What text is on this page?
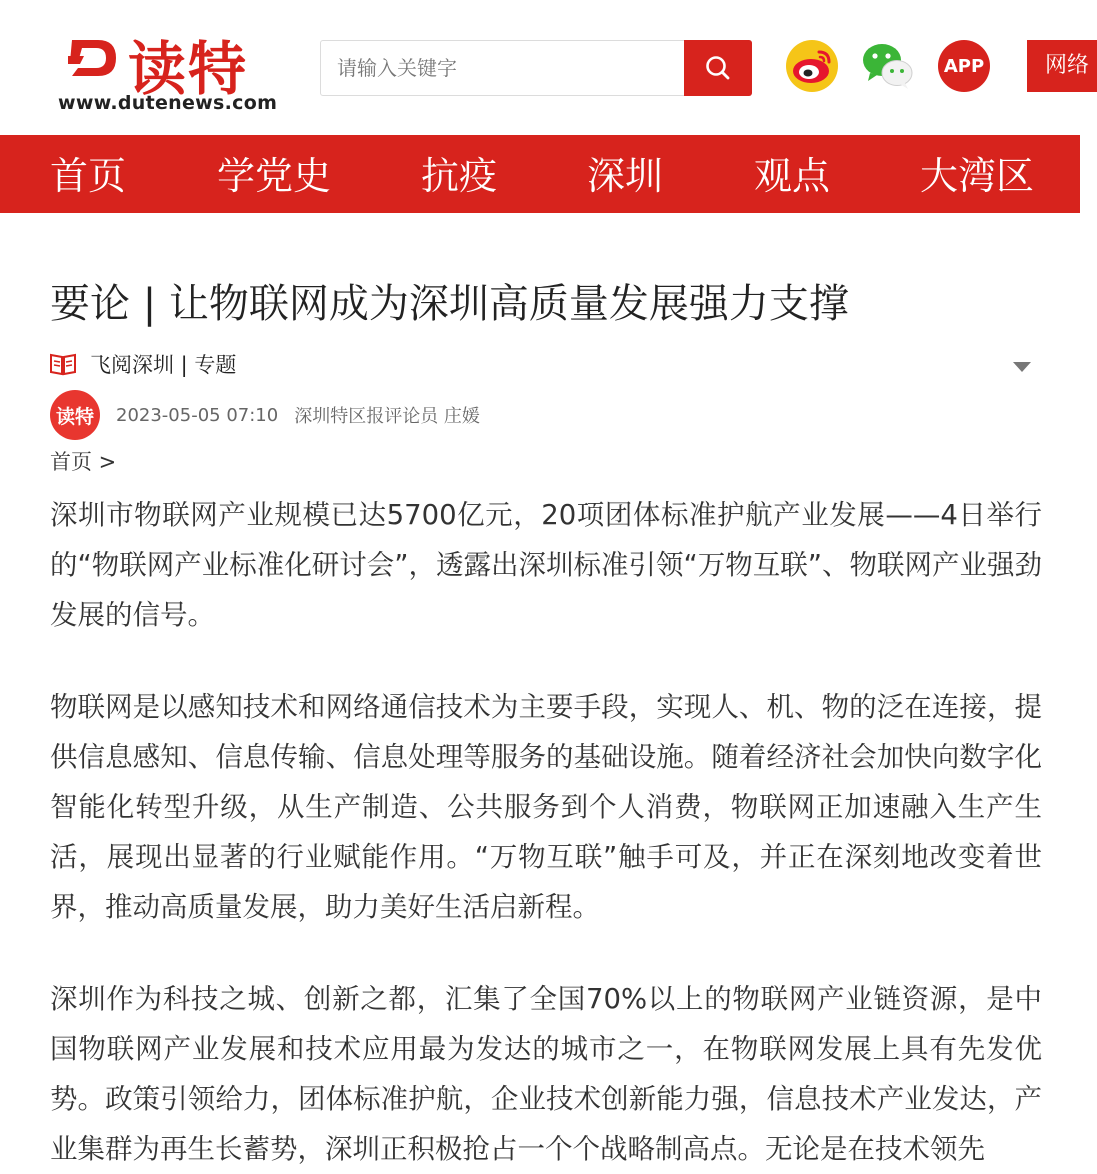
读特
www.dutenews.com
请输入关键字
APP	网络
首页 学党史 抗疫 深圳 观点 大湾区
要论 | 让物联网成为深圳高质量发展强力支撑
飞阅深圳 | 专题
读特 2023-05-05 07:10 深圳特区报评论员 庄媛
首页 >

深圳市物联网产业规模已达5700亿元，20项团体标准护航产业发展——4日举行的“物联网产业标准化研讨会”，透露出深圳标准引领“万物互联”、物联网产业强劲发展的信号。

物联网是以感知技术和网络通信技术为主要手段，实现人、机、物的泛在连接，提供信息感知、信息传输、信息处理等服务的基础设施。随着经济社会加快向数字化智能化转型升级，从生产制造、公共服务到个人消费，物联网正加速融入生产生活，展现出显著的行业赋能作用。“万物互联”触手可及，并正在深刻地改变着世界，推动高质量发展，助力美好生活启新程。

深圳作为科技之城、创新之都，汇集了全国70%以上的物联网产业链资源，是中国物联网产业发展和技术应用最为发达的城市之一，在物联网发展上具有先发优势。政策引领给力，团体标准护航，企业技术创新能力强，信息技术产业发达，产业集群为再生长蓄势，深圳正积极抢占一个个战略制高点。无论是在技术领先
